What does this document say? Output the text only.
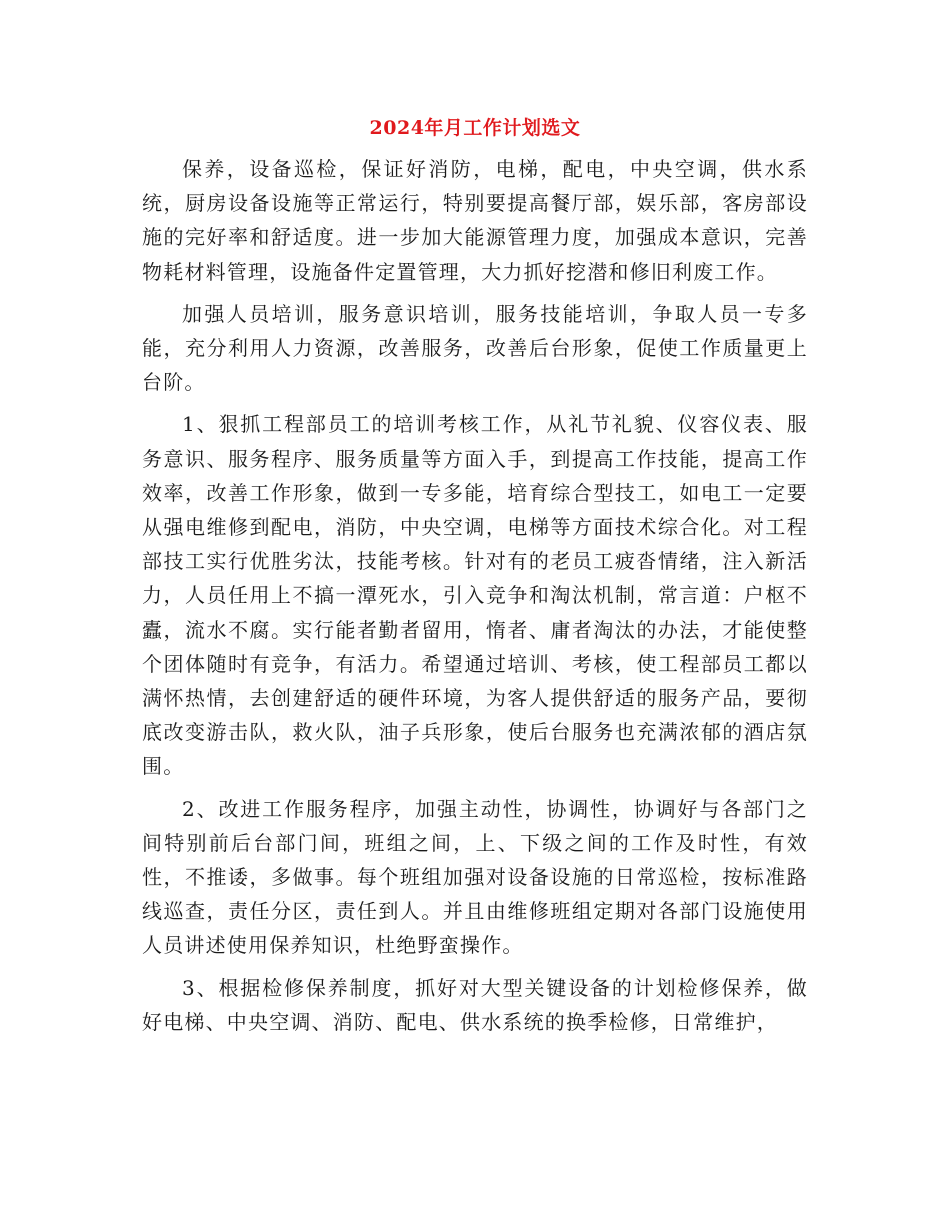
2024年月工作计划选文

保养，设备巡检，保证好消防，电梯，配电，中央空调，供水系统，厨房设备设施等正常运行，特别要提高餐厅部，娱乐部，客房部设施的完好率和舒适度。进一步加大能源管理力度，加强成本意识，完善物耗材料管理，设施备件定置管理，大力抓好挖潜和修旧利废工作。

加强人员培训，服务意识培训，服务技能培训，争取人员一专多能，充分利用人力资源，改善服务，改善后台形象，促使工作质量更上台阶。

1、狠抓工程部员工的培训考核工作，从礼节礼貌、仪容仪表、服务意识、服务程序、服务质量等方面入手，到提高工作技能，提高工作效率，改善工作形象，做到一专多能，培育综合型技工，如电工一定要从强电维修到配电，消防，中央空调，电梯等方面技术综合化。对工程部技工实行优胜劣汰，技能考核。针对有的老员工疲沓情绪，注入新活力，人员任用上不搞一潭死水，引入竞争和淘汰机制，常言道：户枢不蠹，流水不腐。实行能者勤者留用，惰者、庸者淘汰的办法，才能使整个团体随时有竞争，有活力。希望通过培训、考核，使工程部员工都以满怀热情，去创建舒适的硬件环境，为客人提供舒适的服务产品，要彻底改变游击队，救火队，油子兵形象，使后台服务也充满浓郁的酒店氛围。

2、改进工作服务程序，加强主动性，协调性，协调好与各部门之间特别前后台部门间，班组之间，上、下级之间的工作及时性，有效性，不推诿，多做事。每个班组加强对设备设施的日常巡检，按标准路线巡查，责任分区，责任到人。并且由维修班组定期对各部门设施使用人员讲述使用保养知识，杜绝野蛮操作。

3、根据检修保养制度，抓好对大型关键设备的计划检修保养，做好电梯、中央空调、消防、配电、供水系统的换季检修，日常维护，
